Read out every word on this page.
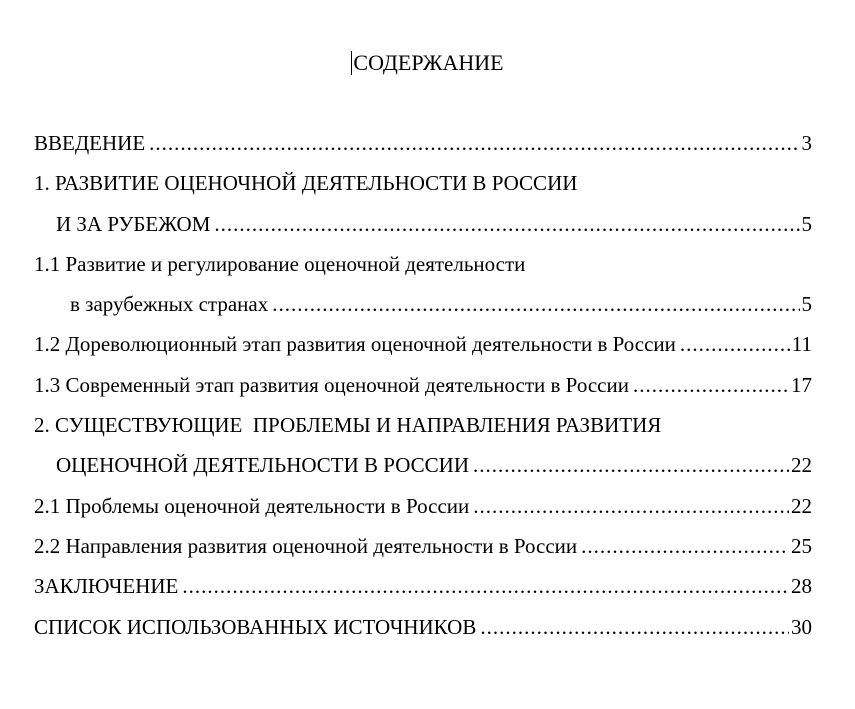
СОДЕРЖАНИЕ
ВВЕДЕНИЕ .....	3
1. РАЗВИТИЕ ОЦЕНОЧНОЙ ДЕЯТЕЛЬНОСТИ В РОССИИ
И ЗА РУБЕЖОМ .....	5
1.1 Развитие и регулирование оценочной деятельности
в зарубежных странах .....	5
1.2 Дореволюционный этап развития оценочной деятельности в России .....	11
1.3 Современный этап развития оценочной деятельности в России .....	17
2. СУЩЕСТВУЮЩИЕ  ПРОБЛЕМЫ И НАПРАВЛЕНИЯ РАЗВИТИЯ
ОЦЕНОЧНОЙ ДЕЯТЕЛЬНОСТИ В РОССИИ .....	22
2.1 Проблемы оценочной деятельности в России .....	22
2.2 Направления развития оценочной деятельности в России .....	25
ЗАКЛЮЧЕНИЕ .....	28
СПИСОК ИСПОЛЬЗОВАННЫХ ИСТОЧНИКОВ .....	30
